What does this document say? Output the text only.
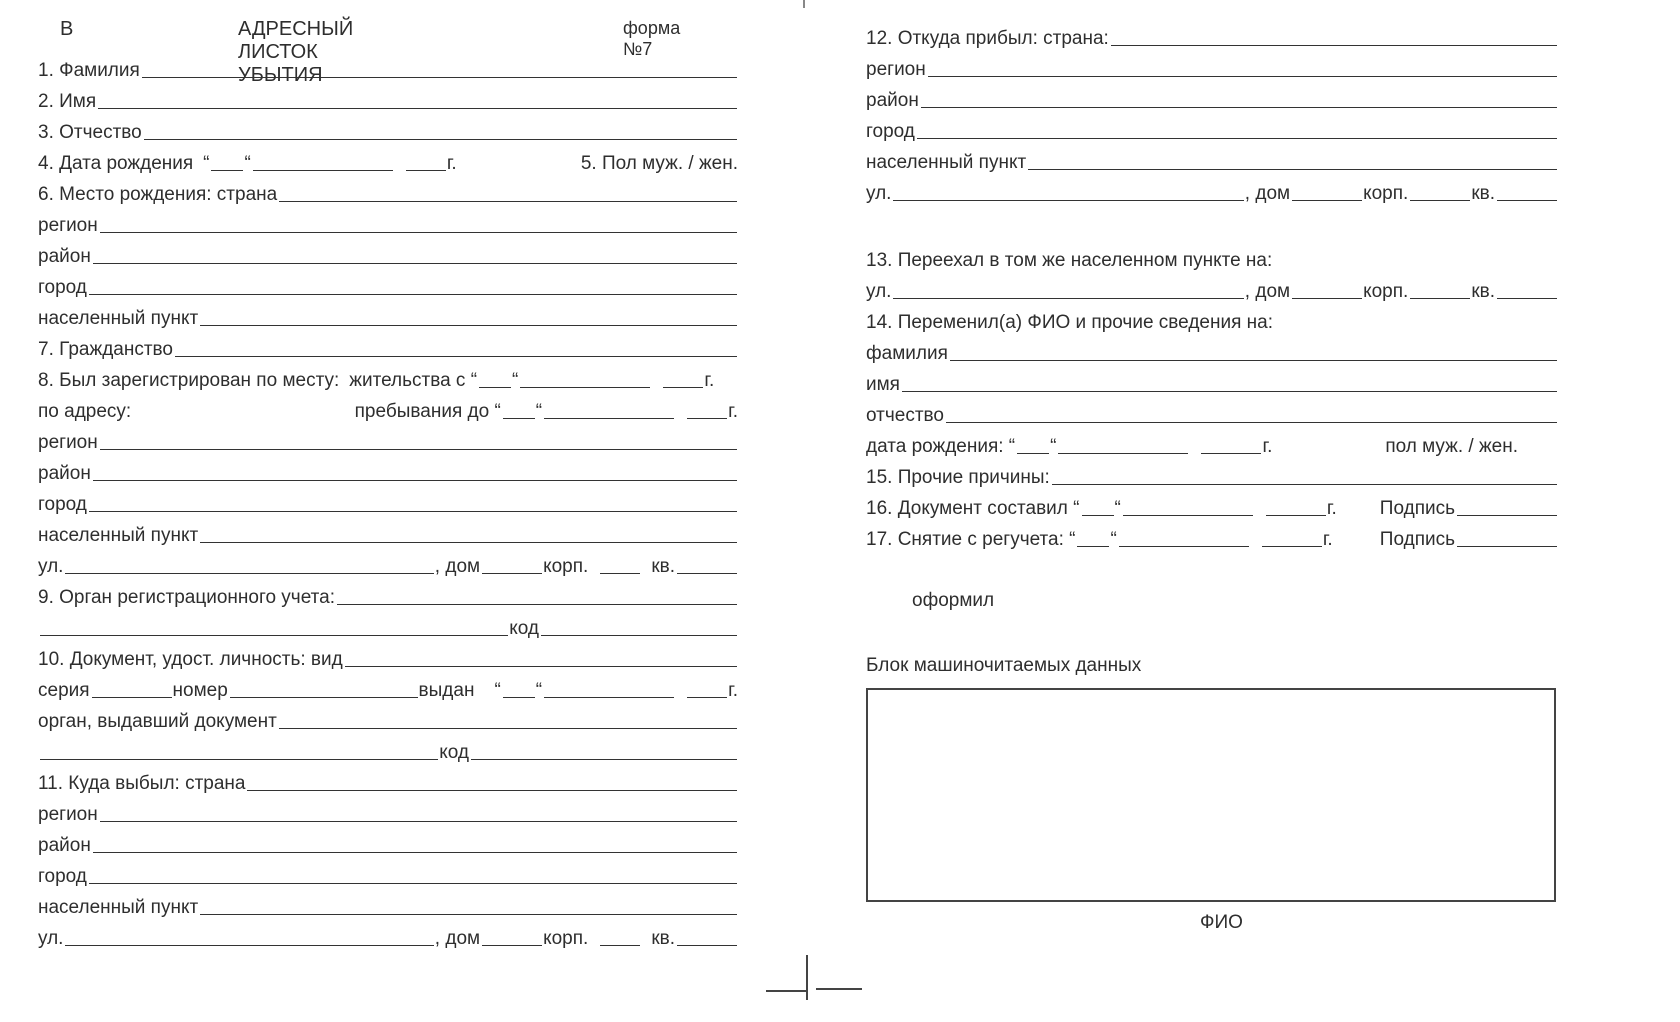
В	АДРЕСНЫЙ ЛИСТОК УБЫТИЯ
форма №7
1. Фамилия
2. Имя
3. Отчество
4. Дата рождения “ “	г.	5. Пол муж. / жен.
6. Место рождения: страна
регион
район
город
населенный пункт
7. Гражданство
8. Был зарегистрирован по месту: жительства с “ “	г.
по адресу:	пребывания до “ “	г.
регион
район
город
населенный пункт
ул.	, дом	корп.	кв.
9. Орган регистрационного учета:
код
10. Документ, удост. личность: вид
серия	номер	выдан “ “	г.
орган, выдавший документ
код
11. Куда выбыл: страна
регион
район
город
населенный пункт
ул.	, дом	корп.	кв.
12. Откуда прибыл: страна:
регион
район
город
населенный пункт
ул.	, дом	корп.	кв.
13. Переехал в том же населенном пункте на:
ул.	, дом	корп.	кв.
14. Переменил(а) ФИО и прочие сведения на:
фамилия
имя
отчество
дата рождения: “ “	г.	пол муж. / жен.
15. Прочие причины:
16. Документ составил “ “	г. Подпись
17. Снятие с регучета: “ “	г. Подпись
оформил
Блок машиночитаемых данных
ФИО
